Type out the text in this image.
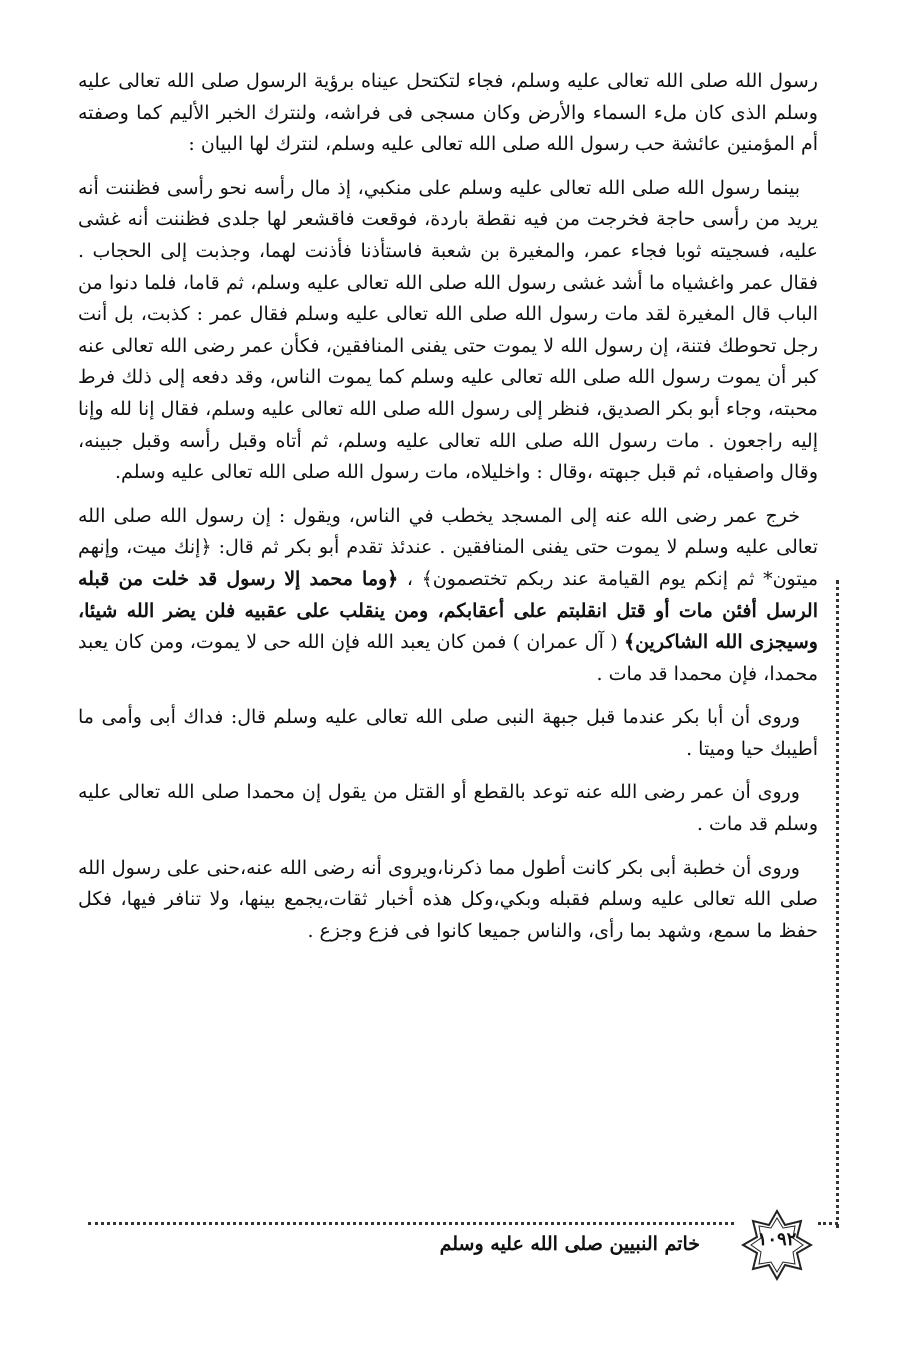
رسول الله صلى الله تعالى عليه وسلم، فجاء لتكتحل عيناه برؤية الرسول صلى الله تعالى عليه وسلم الذى كان ملء السماء والأرض وكان مسجى فى فراشه، ولنترك الخبر الأليم كما وصفته أم المؤمنين عائشة حب رسول الله صلى الله تعالى عليه وسلم، لنترك لها البيان :

بينما رسول الله صلى الله تعالى عليه وسلم على منكبي، إذ مال رأسه نحو رأسى فظننت أنه يريد من رأسى حاجة فخرجت من فيه نقطة باردة، فوقعت فاقشعر لها جلدى فظننت أنه غشى عليه، فسجيته ثوبا فجاء عمر، والمغيرة بن شعبة فاستأذنا فأذنت لهما، وجذبت إلى الحجاب . فقال عمر واغشياه ما أشد غشى رسول الله صلى الله تعالى عليه وسلم، ثم قاما، فلما دنوا من الباب قال المغيرة لقد مات رسول الله صلى الله تعالى عليه وسلم فقال عمر : كذبت، بل أنت رجل تحوطك فتنة، إن رسول الله لا يموت حتى يفنى المنافقين، فكأن عمر رضى الله تعالى عنه كبر أن يموت رسول الله صلى الله تعالى عليه وسلم كما يموت الناس، وقد دفعه إلى ذلك فرط محبته، وجاء أبو بكر الصديق، فنظر إلى رسول الله صلى الله تعالى عليه وسلم، فقال إنا لله وإنا إليه راجعون . مات رسول الله صلى الله تعالى عليه وسلم، ثم أتاه وقبل رأسه وقبل جبينه، وقال واصفياه، ثم قبل جبهته ،وقال : واخليلاه، مات رسول الله صلى الله تعالى عليه وسلم.

خرج عمر رضى الله عنه إلى المسجد يخطب في الناس، ويقول : إن رسول الله صلى الله تعالى عليه وسلم لا يموت حتى يفنى المنافقين . عندئذ تقدم أبو بكر ثم قال: ﴿إنك ميت، وإنهم ميتون* ثم إنكم يوم القيامة عند ربكم تختصمون﴾ ، ﴿وما محمد إلا رسول قد خلت من قبله الرسل أفئن مات أو قتل انقلبتم على أعقابكم، ومن ينقلب على عقبيه فلن يضر الله شيئا، وسيجزى الله الشاكرين﴾ ( آل عمران ) فمن كان يعبد الله فإن الله حى لا يموت، ومن كان يعبد محمدا، فإن محمدا قد مات .

وروى أن أبا بكر عندما قبل جبهة النبى صلى الله تعالى عليه وسلم قال: فداك أبى وأمى ما أطيبك حيا وميتا .

وروى أن عمر رضى الله عنه توعد بالقطع أو القتل من يقول إن محمدا صلى الله تعالى عليه وسلم قد مات .

وروى أن خطبة أبى بكر كانت أطول مما ذكرنا،ويروى أنه رضى الله عنه،حنى على رسول الله صلى الله تعالى عليه وسلم فقبله وبكي،وكل هذه أخبار ثقات،يجمع بينها، ولا تنافر فيها، فكل حفظ ما سمع، وشهد بما رأى، والناس جميعا كانوا فى فزع وجزع .

خاتم النبيين صلى الله عليه وسلم	١٠٩٢
